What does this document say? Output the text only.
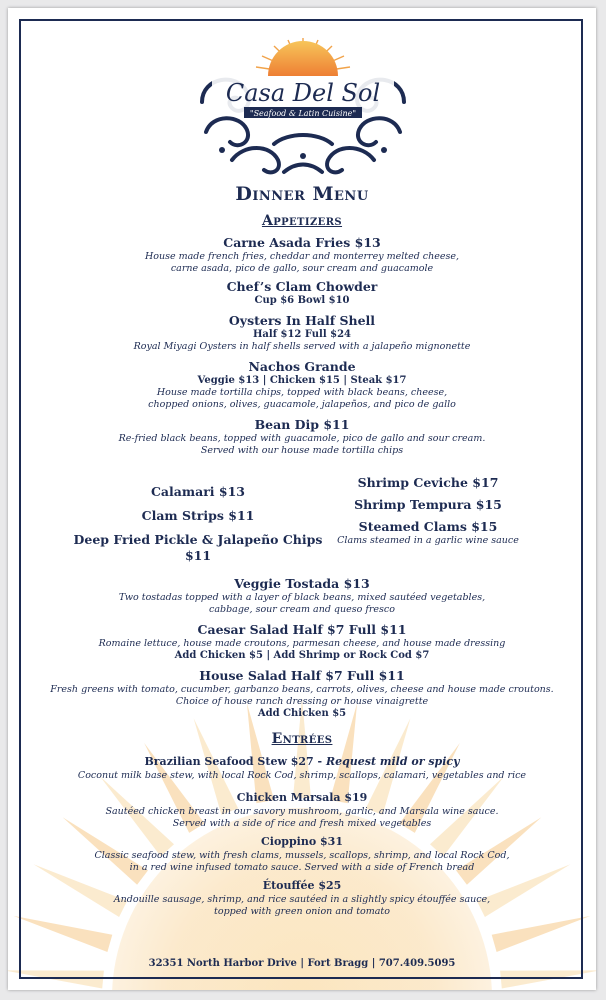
Casa Del Sol
"Seafood & Latin Cuisine"
Dinner Menu
Appetizers
Carne Asada Fries $13
House made french fries, cheddar and monterrey melted cheese,
carne asada, pico de gallo, sour cream and guacamole
Chef’s Clam Chowder
Cup $6 Bowl $10
Oysters In Half Shell
Half $12 Full $24
Royal Miyagi Oysters in half shells served with a jalapeño mignonette
Nachos Grande
Veggie $13 | Chicken $15 | Steak $17
House made tortilla chips, topped with black beans, cheese,
chopped onions, olives, guacamole, jalapeños, and pico de gallo
Bean Dip $11
Re-fried black beans, topped with guacamole, pico de gallo and sour cream.
Served with our house made tortilla chips
Calamari $13
Clam Strips $11
Deep Fried Pickle & Jalapeño Chips $11
Shrimp Ceviche $17
Shrimp Tempura $15
Steamed Clams $15
Clams steamed in a garlic wine sauce
Veggie Tostada $13
Two tostadas topped with a layer of black beans, mixed sautéed vegetables,
cabbage, sour cream and queso fresco
Caesar Salad Half $7 Full $11
Romaine lettuce, house made croutons, parmesan cheese, and house made dressing
Add Chicken $5 | Add Shrimp or Rock Cod $7
House Salad Half $7 Full $11
Fresh greens with tomato, cucumber, garbanzo beans, carrots, olives, cheese and house made croutons.
Choice of house ranch dressing or house vinaigrette
Add Chicken $5
Entrées
Brazilian Seafood Stew $27 - Request mild or spicy
Coconut milk base stew, with local Rock Cod, shrimp, scallops, calamari, vegetables and rice
Chicken Marsala $19
Sautéed chicken breast in our savory mushroom, garlic, and Marsala wine sauce.
Served with a side of rice and fresh mixed vegetables
Cioppino $31
Classic seafood stew, with fresh clams, mussels, scallops, shrimp, and local Rock Cod,
in a red wine infused tomato sauce. Served with a side of French bread
Étouffée $25
Andouille sausage, shrimp, and rice sautéed in a slightly spicy étouffée sauce,
topped with green onion and tomato
32351 North Harbor Drive | Fort Bragg | 707.409.5095
